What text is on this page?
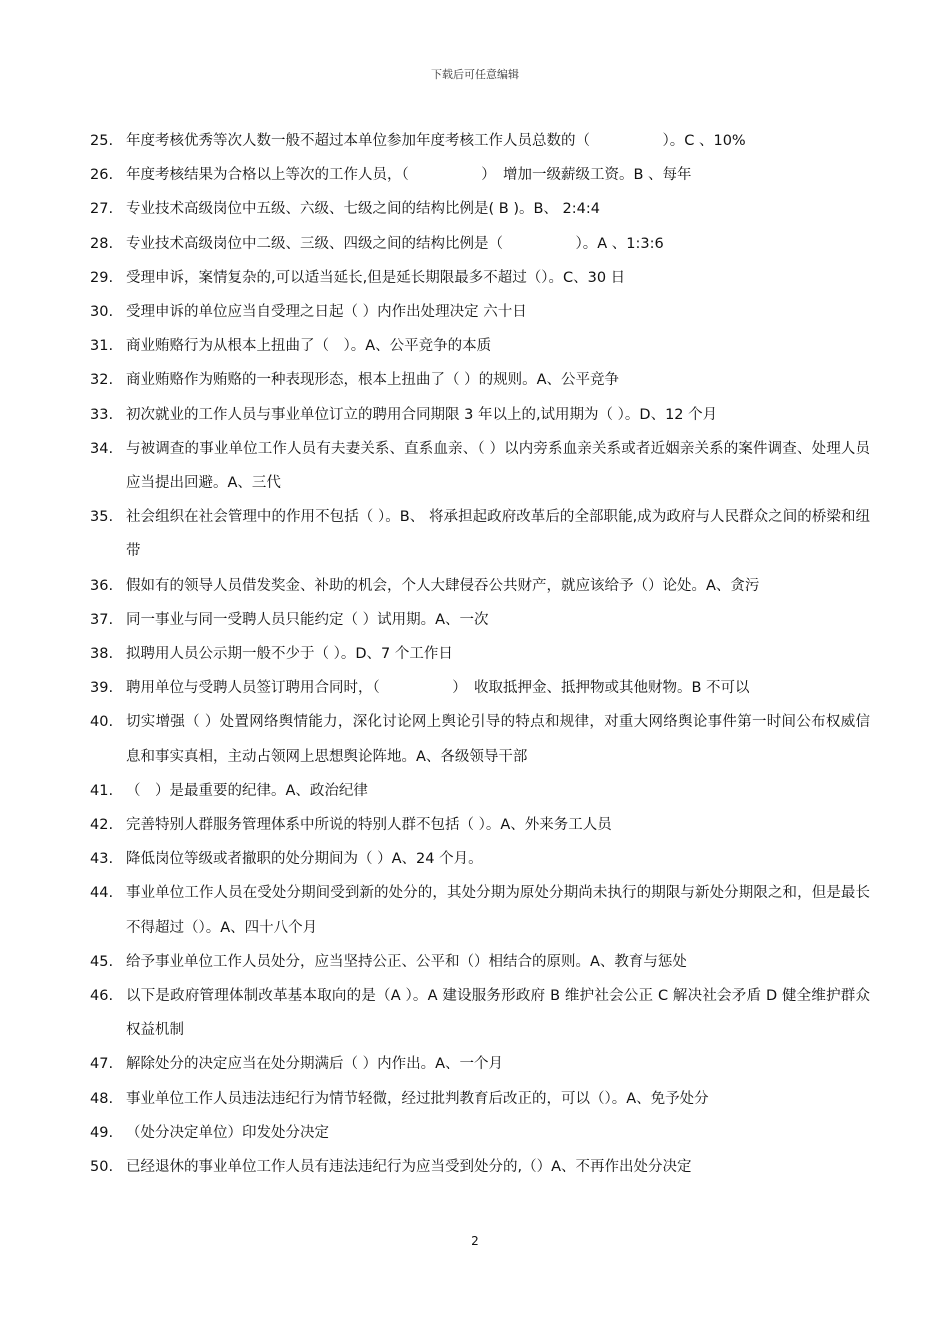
下载后可任意编辑
25. 年度考核优秀等次人数一般不超过本单位参加年度考核工作人员总数的（　　　　　）。C 、10%
26. 年度考核结果为合格以上等次的工作人员，（　　　　　）　增加一级薪级工资。B 、每年
27. 专业技术高级岗位中五级、六级、七级之间的结构比例是( B )。B、 2:4:4
28. 专业技术高级岗位中二级、三级、四级之间的结构比例是（　　　　　）。A 、1:3:6
29. 受理申诉，案情复杂的,可以适当延长,但是延长期限最多不超过（）。C、30 日
30. 受理申诉的单位应当自受理之日起（ ）内作出处理决定 六十日
31. 商业贿赂行为从根本上扭曲了（　）。A、公平竞争的本质
32. 商业贿赂作为贿赂的一种表现形态，根本上扭曲了（ ）的规则。A、公平竞争
33. 初次就业的工作人员与事业单位订立的聘用合同期限 3 年以上的,试用期为（ ）。D、12 个月
34. 与被调查的事业单位工作人员有夫妻关系、直系血亲、（ ）以内旁系血亲关系或者近姻亲关系的案件调查、处理人员应当提出回避。A、三代
35. 社会组织在社会管理中的作用不包括（ ）。B、 将承担起政府改革后的全部职能,成为政府与人民群众之间的桥梁和纽带
36. 假如有的领导人员借发奖金、补助的机会，个人大肆侵吞公共财产，就应该给予（）论处。A、贪污
37. 同一事业与同一受聘人员只能约定（ ）试用期。A、一次
38. 拟聘用人员公示期一般不少于（ ）。D、7 个工作日
39. 聘用单位与受聘人员签订聘用合同时，（　　　　　）　收取抵押金、抵押物或其他财物。B 不可以
40. 切实增强（ ）处置网络舆情能力，深化讨论网上舆论引导的特点和规律，对重大网络舆论事件第一时间公布权威信息和事实真相，主动占领网上思想舆论阵地。A、各级领导干部
41. （　）是最重要的纪律。A、政治纪律
42. 完善特别人群服务管理体系中所说的特别人群不包括（ ）。A、外来务工人员
43. 降低岗位等级或者撤职的处分期间为（ ）A、24 个月。
44. 事业单位工作人员在受处分期间受到新的处分的，其处分期为原处分期尚未执行的期限与新处分期限之和，但是最长不得超过（）。A、四十八个月
45. 给予事业单位工作人员处分，应当坚持公正、公平和（）相结合的原则。A、教育与惩处
46. 以下是政府管理体制改革基本取向的是（A ）。A 建设服务形政府 B 维护社会公正 C 解决社会矛盾 D 健全维护群众权益机制
47. 解除处分的决定应当在处分期满后（ ）内作出。A、一个月
48. 事业单位工作人员违法违纪行为情节轻微，经过批判教育后改正的，可以（）。A、免予处分
49. （处分决定单位）印发处分决定
50. 已经退休的事业单位工作人员有违法违纪行为应当受到处分的,（）A、不再作出处分决定
2
